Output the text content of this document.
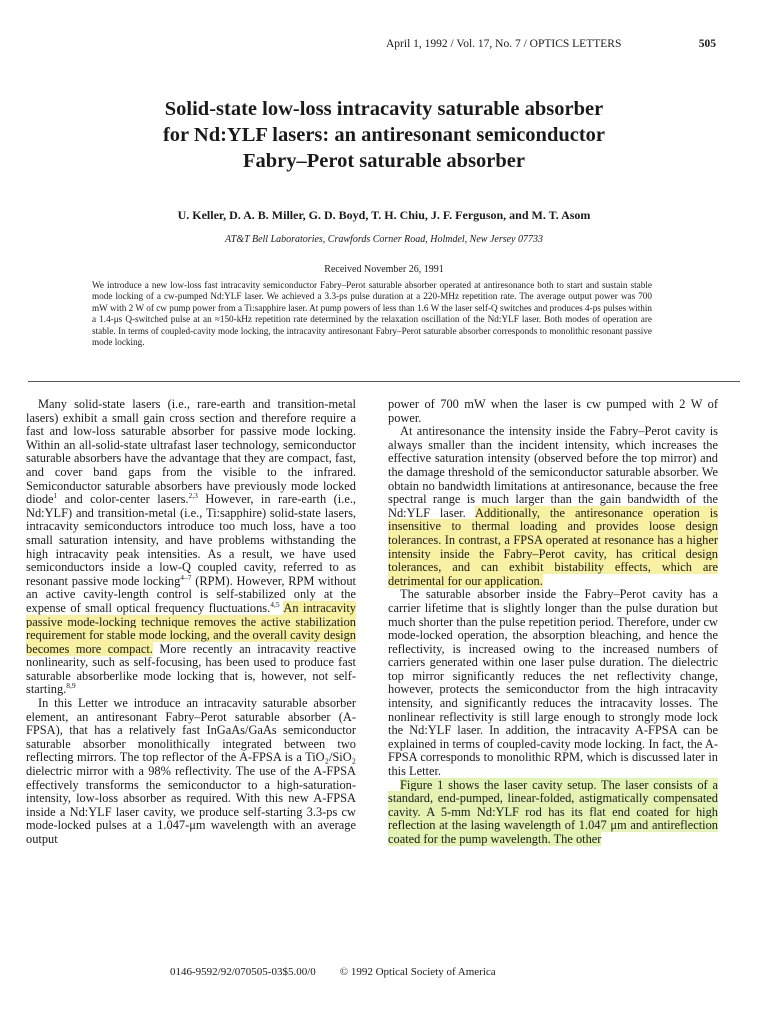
April 1, 1992 / Vol. 17, No. 7 / OPTICS LETTERS	505
Solid-state low-loss intracavity saturable absorber
for Nd:YLF lasers: an antiresonant semiconductor
Fabry–Perot saturable absorber
U. Keller, D. A. B. Miller, G. D. Boyd, T. H. Chiu, J. F. Ferguson, and M. T. Asom
AT&T Bell Laboratories, Crawfords Corner Road, Holmdel, New Jersey 07733
Received November 26, 1991
We introduce a new low-loss fast intracavity semiconductor Fabry–Perot saturable absorber operated at antiresonance both to start and sustain stable mode locking of a cw-pumped Nd:YLF laser. We achieved a 3.3-ps pulse duration at a 220-MHz repetition rate. The average output power was 700 mW with 2 W of cw pump power from a Ti:sapphire laser. At pump powers of less than 1.6 W the laser self-Q switches and produces 4-ps pulses within a 1.4-μs Q-switched pulse at an ≈150-kHz repetition rate determined by the relaxation oscillation of the Nd:YLF laser. Both modes of operation are stable. In terms of coupled-cavity mode locking, the intracavity antiresonant Fabry–Perot saturable absorber corresponds to monolithic resonant passive mode locking.

Many solid-state lasers (i.e., rare-earth and transition-metal lasers) exhibit a small gain cross section and therefore require a fast and low-loss saturable absorber for passive mode locking. Within an all-solid-state ultrafast laser technology, semiconductor saturable absorbers have the advantage that they are compact, fast, and cover band gaps from the visible to the infrared. Semiconductor saturable absorbers have previously mode locked diode$^1$ and color-center lasers.$^{2,3}$ However, in rare-earth (i.e., Nd:YLF) and transition-metal (i.e., Ti:sapphire) solid-state lasers, intracavity semiconductors introduce too much loss, have a too small saturation intensity, and have problems withstanding the high intracavity peak intensities. As a result, we have used semiconductors inside a low-Q coupled cavity, referred to as resonant passive mode locking$^{4-7}$ (RPM). However, RPM without an active cavity-length control is self-stabilized only at the expense of small optical frequency fluctuations.$^{4,5}$ An intracavity passive mode-locking technique removes the active stabilization requirement for stable mode locking, and the overall cavity design becomes more compact. More recently an intracavity reactive nonlinearity, such as self-focusing, has been used to produce fast saturable absorberlike mode locking that is, however, not self-starting.$^{8,9}$

In this Letter we introduce an intracavity saturable absorber element, an antiresonant Fabry–Perot saturable absorber (A-FPSA), that has a relatively fast InGaAs/GaAs semiconductor saturable absorber monolithically integrated between two reflecting mirrors. The top reflector of the A-FPSA is a TiO₂/SiO₂ dielectric mirror with a 98% reflectivity. The use of the A-FPSA effectively transforms the semiconductor to a high-saturation-intensity, low-loss absorber as required. With this new A-FPSA inside a Nd:YLF laser cavity, we produce self-starting 3.3-ps cw mode-locked pulses at a 1.047-μm wavelength with an average output

power of 700 mW when the laser is cw pumped with 2 W of power.

At antiresonance the intensity inside the Fabry–Perot cavity is always smaller than the incident intensity, which increases the effective saturation intensity (observed before the top mirror) and the damage threshold of the semiconductor saturable absorber. We obtain no bandwidth limitations at antiresonance, because the free spectral range is much larger than the gain bandwidth of the Nd:YLF laser. Additionally, the antiresonance operation is insensitive to thermal loading and provides loose design tolerances. In contrast, a FPSA operated at resonance has a higher intensity inside the Fabry–Perot cavity, has critical design tolerances, and can exhibit bistability effects, which are detrimental for our application.

The saturable absorber inside the Fabry–Perot cavity has a carrier lifetime that is slightly longer than the pulse duration but much shorter than the pulse repetition period. Therefore, under cw mode-locked operation, the absorption bleaching, and hence the reflectivity, is increased owing to the increased numbers of carriers generated within one laser pulse duration. The dielectric top mirror significantly reduces the net reflectivity change, however, protects the semiconductor from the high intracavity intensity, and significantly reduces the intracavity losses. The nonlinear reflectivity is still large enough to strongly mode lock the Nd:YLF laser. In addition, the intracavity A-FPSA can be explained in terms of coupled-cavity mode locking. In fact, the A-FPSA corresponds to monolithic RPM, which is discussed later in this Letter.

Figure 1 shows the laser cavity setup. The laser consists of a standard, end-pumped, linear-folded, astigmatically compensated cavity. A 5-mm Nd:YLF rod has its flat end coated for high reflection at the lasing wavelength of 1.047 μm and antireflection coated for the pump wavelength. The other

0146-9592/92/070505-03$5.00/0 © 1992 Optical Society of America
